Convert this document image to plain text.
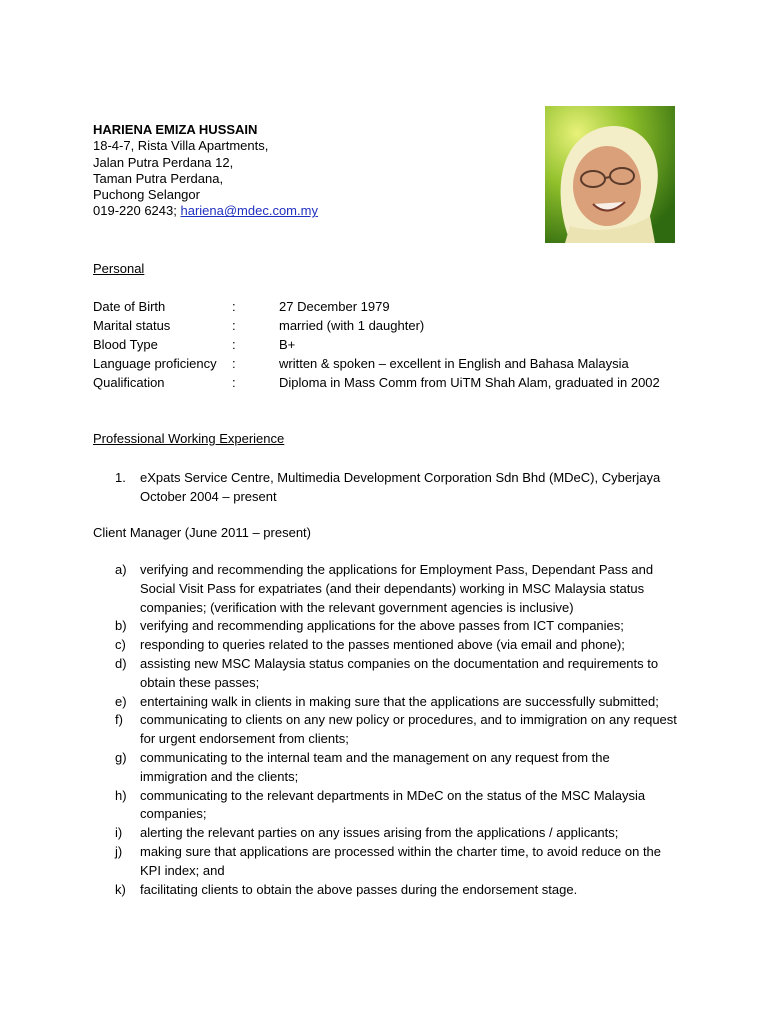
HARIENA EMIZA HUSSAIN
18-4-7, Rista Villa Apartments,
Jalan Putra Perdana 12,
Taman Putra Perdana,
Puchong Selangor
019-220 6243; hariena@mdec.com.my
Personal
Date of Birth	:	27 December 1979
Marital status	:	married (with 1 daughter)
Blood Type	:	B+
Language proficiency :	written & spoken – excellent in English and Bahasa Malaysia
Qualification	:	Diploma in Mass Comm from UiTM Shah Alam, graduated in 2002
Professional Working Experience
1. eXpats Service Centre, Multimedia Development Corporation Sdn Bhd (MDeC), Cyberjaya
October 2004 – present
Client Manager (June 2011 – present)
a) verifying and recommending the applications for Employment Pass, Dependant Pass and Social Visit Pass for expatriates (and their dependants) working in MSC Malaysia status companies; (verification with the relevant government agencies is inclusive)
b) verifying and recommending applications for the above passes from ICT companies;
c) responding to queries related to the passes mentioned above (via email and phone);
d) assisting new MSC Malaysia status companies on the documentation and requirements to obtain these passes;
e) entertaining walk in clients in making sure that the applications are successfully submitted;
f) communicating to clients on any new policy or procedures, and to immigration on any request for urgent endorsement from clients;
g) communicating to the internal team and the management on any request from the immigration and the clients;
h) communicating to the relevant departments in MDeC on the status of the MSC Malaysia companies;
i) alerting the relevant parties on any issues arising from the applications / applicants;
j) making sure that applications are processed within the charter time, to avoid reduce on the KPI index; and
k) facilitating clients to obtain the above passes during the endorsement stage.
